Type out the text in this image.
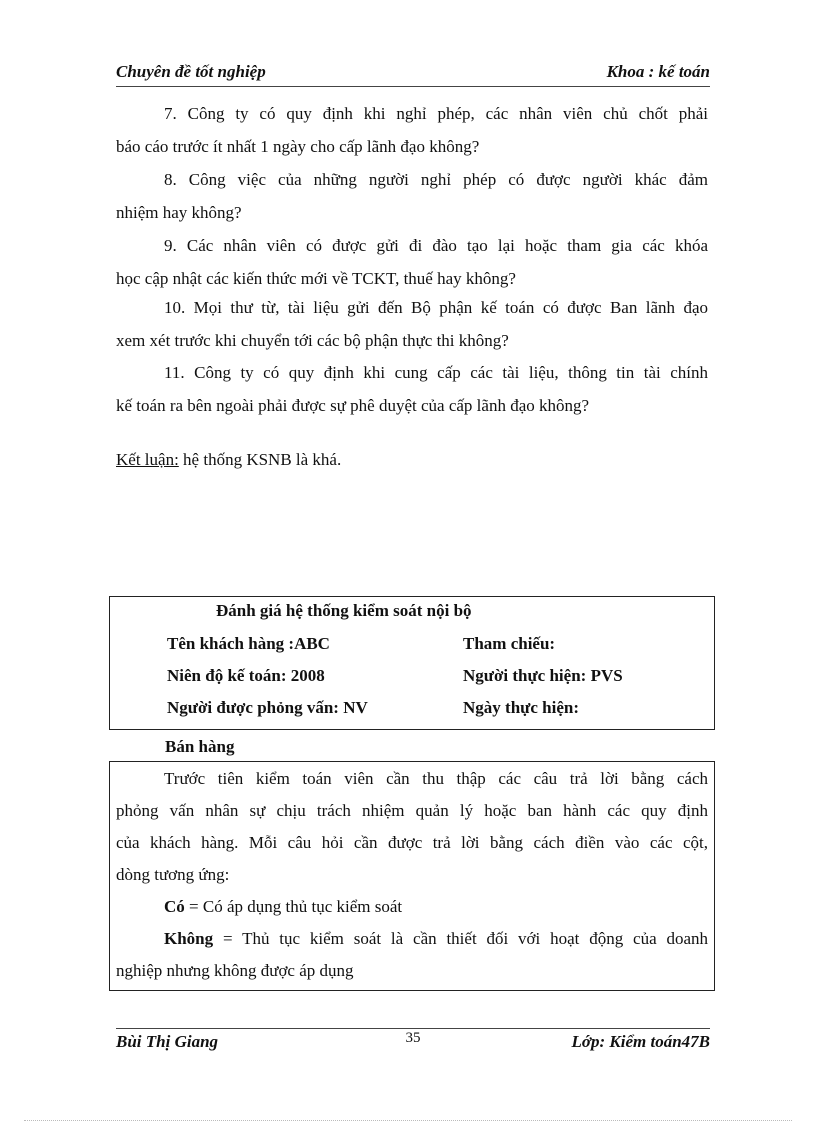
Chuyên đề tốt nghiệp	Khoa : kế toán
7. Công ty có quy định khi nghỉ phép, các nhân viên chủ chốt phải
báo cáo trước ít nhất 1 ngày cho cấp lãnh đạo không?
8. Công việc của những người nghỉ phép có được người khác đảm
nhiệm hay không?
9. Các nhân viên có được gửi đi đào tạo lại hoặc tham gia các khóa
học cập nhật các kiến thức mới về TCKT, thuế hay không?
10. Mọi thư từ, tài liệu gửi đến Bộ phận kế toán có được Ban lãnh đạo
xem xét trước khi chuyển tới các bộ phận thực thi không?
11. Công ty có quy định khi cung cấp các tài liệu, thông tin tài chính
kế toán ra bên ngoài phải được sự phê duyệt của cấp lãnh đạo không?
Kết luận: hệ thống KSNB là khá.
Đánh giá hệ thống kiểm soát nội bộ
Tên khách hàng :ABC	Tham chiếu:
Niên độ kế toán: 2008	Người thực hiện: PVS
Người được phỏng vấn: NV	Ngày thực hiện:
Bán hàng
Trước tiên kiểm toán viên cần thu thập các câu trả lời bằng cách
phỏng vấn nhân sự chịu trách nhiệm quản lý hoặc ban hành các quy định
của khách hàng. Mỗi câu hỏi cần được trả lời bằng cách điền vào các cột,
dòng tương ứng:
Có = Có áp dụng thủ tục kiểm soát
Không = Thủ tục kiểm soát là cần thiết đối với hoạt động của doanh
nghiệp nhưng không được áp dụng
Bùi Thị Giang	35	Lớp: Kiểm toán47B
